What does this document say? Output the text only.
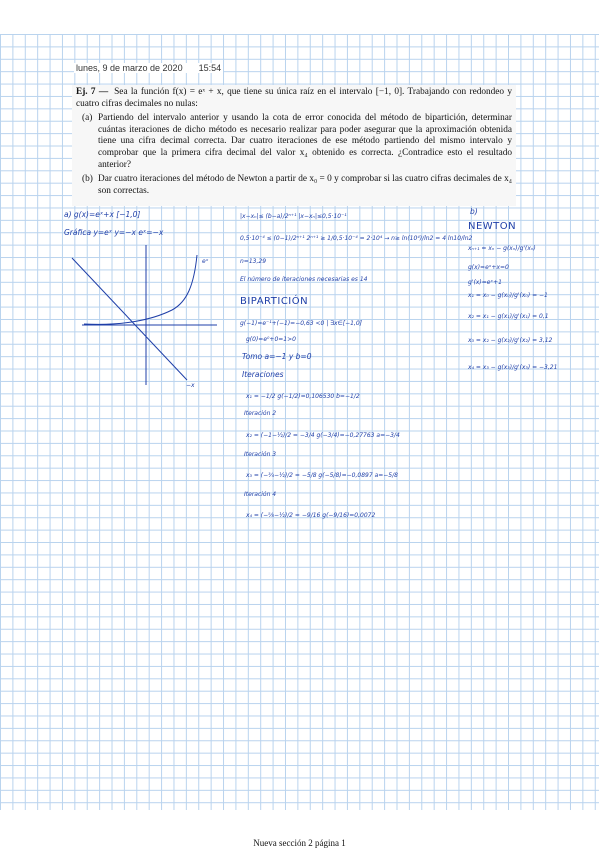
lunes, 9 de marzo de 2020 15:54

Ej. 7 — Sea la función f(x) = eˣ + x, que tiene su única raíz en el intervalo [−1, 0]. Trabajando con redondeo y cuatro cifras decimales no nulas:

(a) Partiendo del intervalo anterior y usando la cota de error conocida del método de bipartición, determinar cuántas iteraciones de dicho método es necesario realizar para poder asegurar que la aproximación obtenida tiene una cifra decimal correcta. Dar cuatro iteraciones de ese método partiendo del mismo intervalo y comprobar que la primera cifra decimal del valor x₄ obtenido es correcta. ¿Contradice esto el resultado anterior?
(b) Dar cuatro iteraciones del método de Newton a partir de x₀ = 0 y comprobar si las cuatro cifras decimales de x₄ son correctas.
a) g(x)=eˣ+x [−1,0]
Gráfica y=eˣ y=−x eˣ=−x
eˣ
−x
|x−xₙ|≤ (b−a)/2ⁿ⁺¹ |x−xₙ|≤0,5·10⁻¹
0,5·10⁻⁴ ≤ (0−1)/2ⁿ⁺¹ 2ⁿ⁺¹ ≥ 1/0,5·10⁻⁴ = 2·10⁴ → n≥ ln(10⁴)/ln2 = 4 ln10/ln2
n=13,29
El número de iteraciones necesarias es 14
BIPARTICIÓN
g(−1)=e⁻¹+(−1)=−0,63 <0 | ∃x∈[−1,0]
g(0)=e⁰+0=1>0
Tomo a=−1 y b=0
Iteraciones
x₁ = −1/2 g(−1/2)=0,106530 b=−1/2
Iteración 2
x₂ = (−1−½)/2 = −3/4 g(−3/4)=−0,27763 a=−3/4
Iteración 3
x₃ = (−¾−½)/2 = −5/8 g(−5/8)=−0,0897 a=−5/8
Iteración 4
x₄ = (−⅝−½)/2 = −9/16 g(−9/16)=0,0072
b)
NEWTON
xₙ₊₁ = xₙ − g(xₙ)/g'(xₙ)
g(x)=eˣ+x=0
g'(x)=eˣ+1
x₁ = x₀ − g(x₀)/g'(x₀) = −1
x₂ = x₁ − g(x₁)/g'(x₁) = 0,1
x₃ = x₂ − g(x₂)/g'(x₂) = 3,12
x₄ = x₃ − g(x₃)/g'(x₃) = −3,21
Nueva sección 2 página 1
